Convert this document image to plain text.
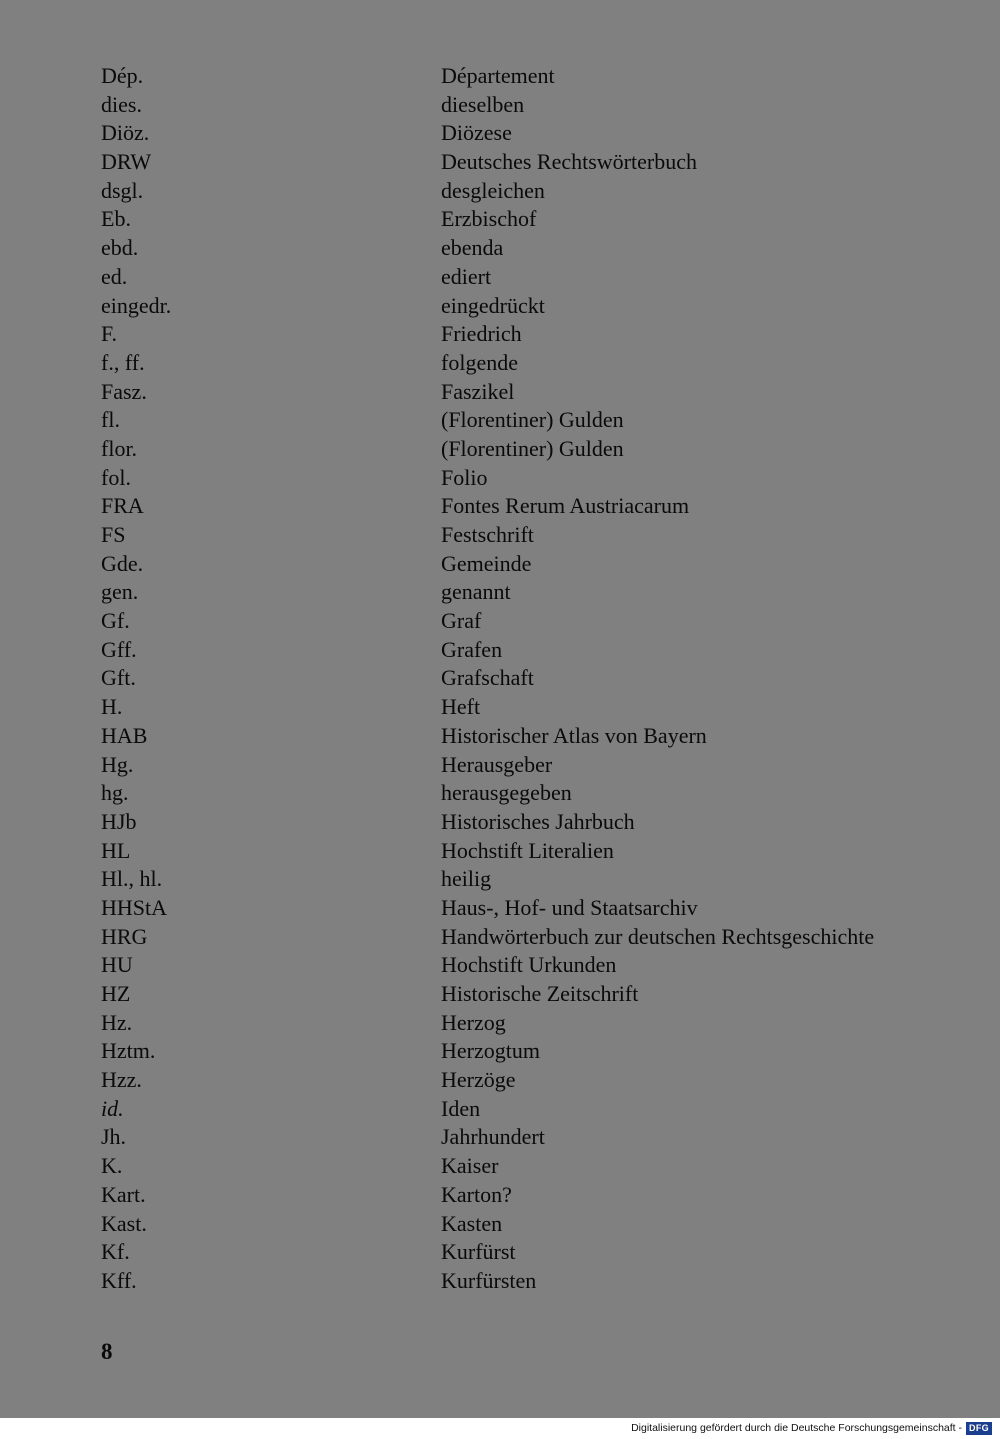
Dép.	Département
dies.	dieselben
Diöz.	Diözese
DRW	Deutsches Rechtswörterbuch
dsgl.	desgleichen
Eb.	Erzbischof
ebd.	ebenda
ed.	ediert
eingedr.	eingedrückt
F.	Friedrich
f., ff.	folgende
Fasz.	Faszikel
fl.	(Florentiner) Gulden
flor.	(Florentiner) Gulden
fol.	Folio
FRA	Fontes Rerum Austriacarum
FS	Festschrift
Gde.	Gemeinde
gen.	genannt
Gf.	Graf
Gff.	Grafen
Gft.	Grafschaft
H.	Heft
HAB	Historischer Atlas von Bayern
Hg.	Herausgeber
hg.	herausgegeben
HJb	Historisches Jahrbuch
HL	Hochstift Literalien
Hl., hl.	heilig
HHStA	Haus-, Hof- und Staatsarchiv
HRG	Handwörterbuch zur deutschen Rechtsgeschichte
HU	Hochstift Urkunden
HZ	Historische Zeitschrift
Hz.	Herzog
Hztm.	Herzogtum
Hzz.	Herzöge
id.	Iden
Jh.	Jahrhundert
K.	Kaiser
Kart.	Karton?
Kast.	Kasten
Kf.	Kurfürst
Kff.	Kurfürsten
8
Digitalisierung gefördert durch die Deutsche Forschungsgemeinschaft - DFG
